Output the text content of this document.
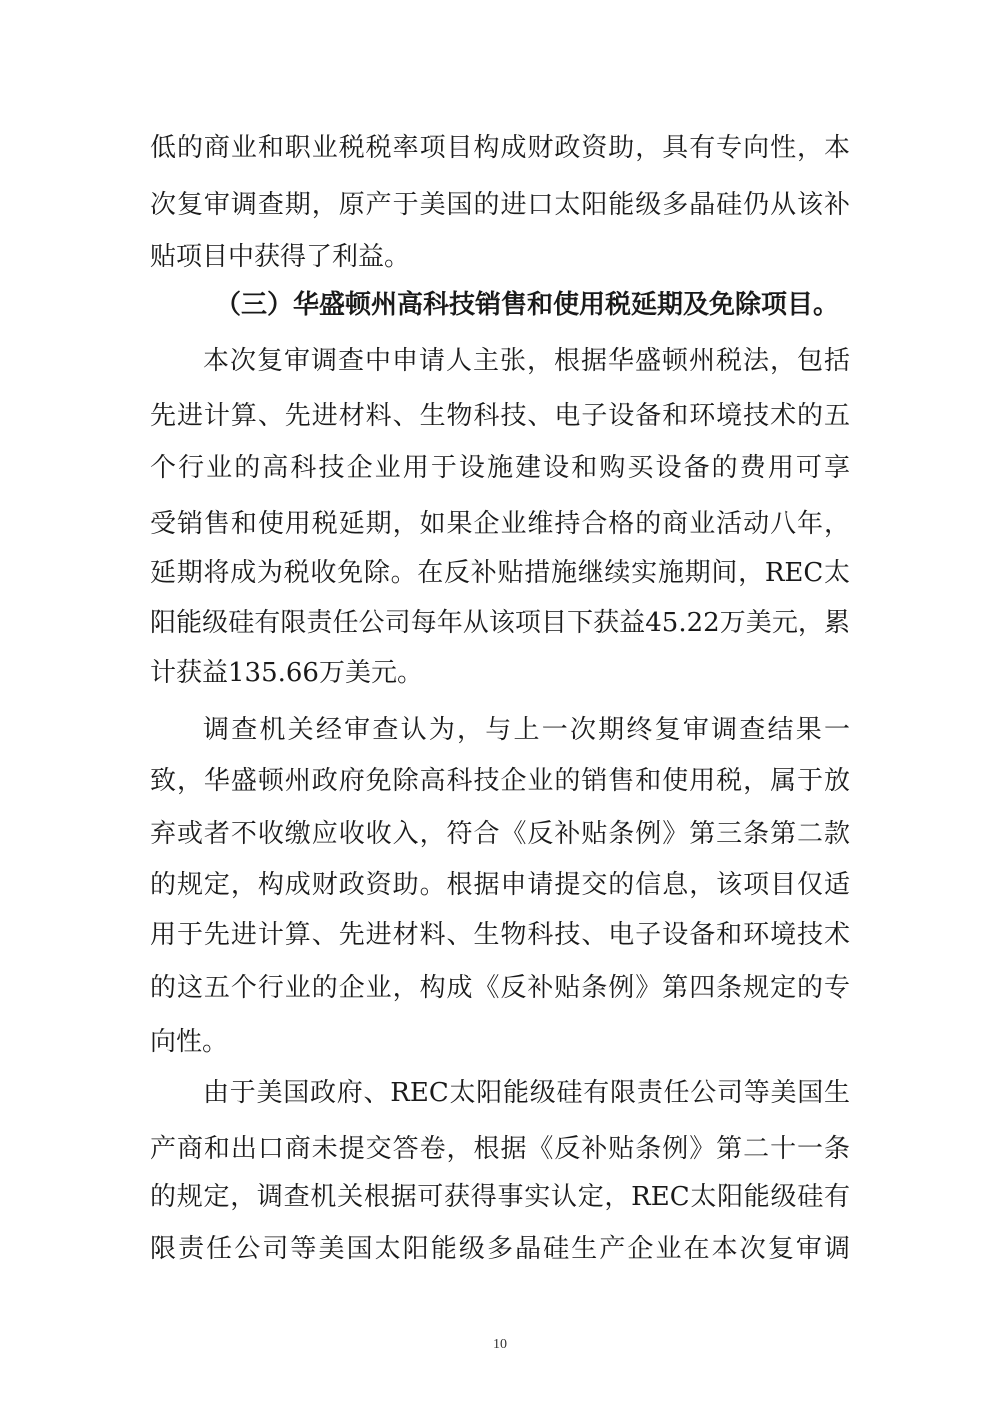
低的商业和职业税税率项目构成财政资助，具有专向性，本
次复审调查期，原产于美国的进口太阳能级多晶硅仍从该补
贴项目中获得了利益。
（三）华盛顿州高科技销售和使用税延期及免除项目。
本次复审调查中申请人主张，根据华盛顿州税法，包括
先进计算、先进材料、生物科技、电子设备和环境技术的五
个行业的高科技企业用于设施建设和购买设备的费用可享
受销售和使用税延期，如果企业维持合格的商业活动八年，
延期将成为税收免除。在反补贴措施继续实施期间，REC太
阳能级硅有限责任公司每年从该项目下获益45.22万美元，累
计获益135.66万美元。
调查机关经审查认为，与上一次期终复审调查结果一
致，华盛顿州政府免除高科技企业的销售和使用税，属于放
弃或者不收缴应收收入，符合《反补贴条例》第三条第二款
的规定，构成财政资助。根据申请提交的信息，该项目仅适
用于先进计算、先进材料、生物科技、电子设备和环境技术
的这五个行业的企业，构成《反补贴条例》第四条规定的专
向性。
由于美国政府、REC太阳能级硅有限责任公司等美国生
产商和出口商未提交答卷，根据《反补贴条例》第二十一条
的规定，调查机关根据可获得事实认定，REC太阳能级硅有
限责任公司等美国太阳能级多晶硅生产企业在本次复审调
10
